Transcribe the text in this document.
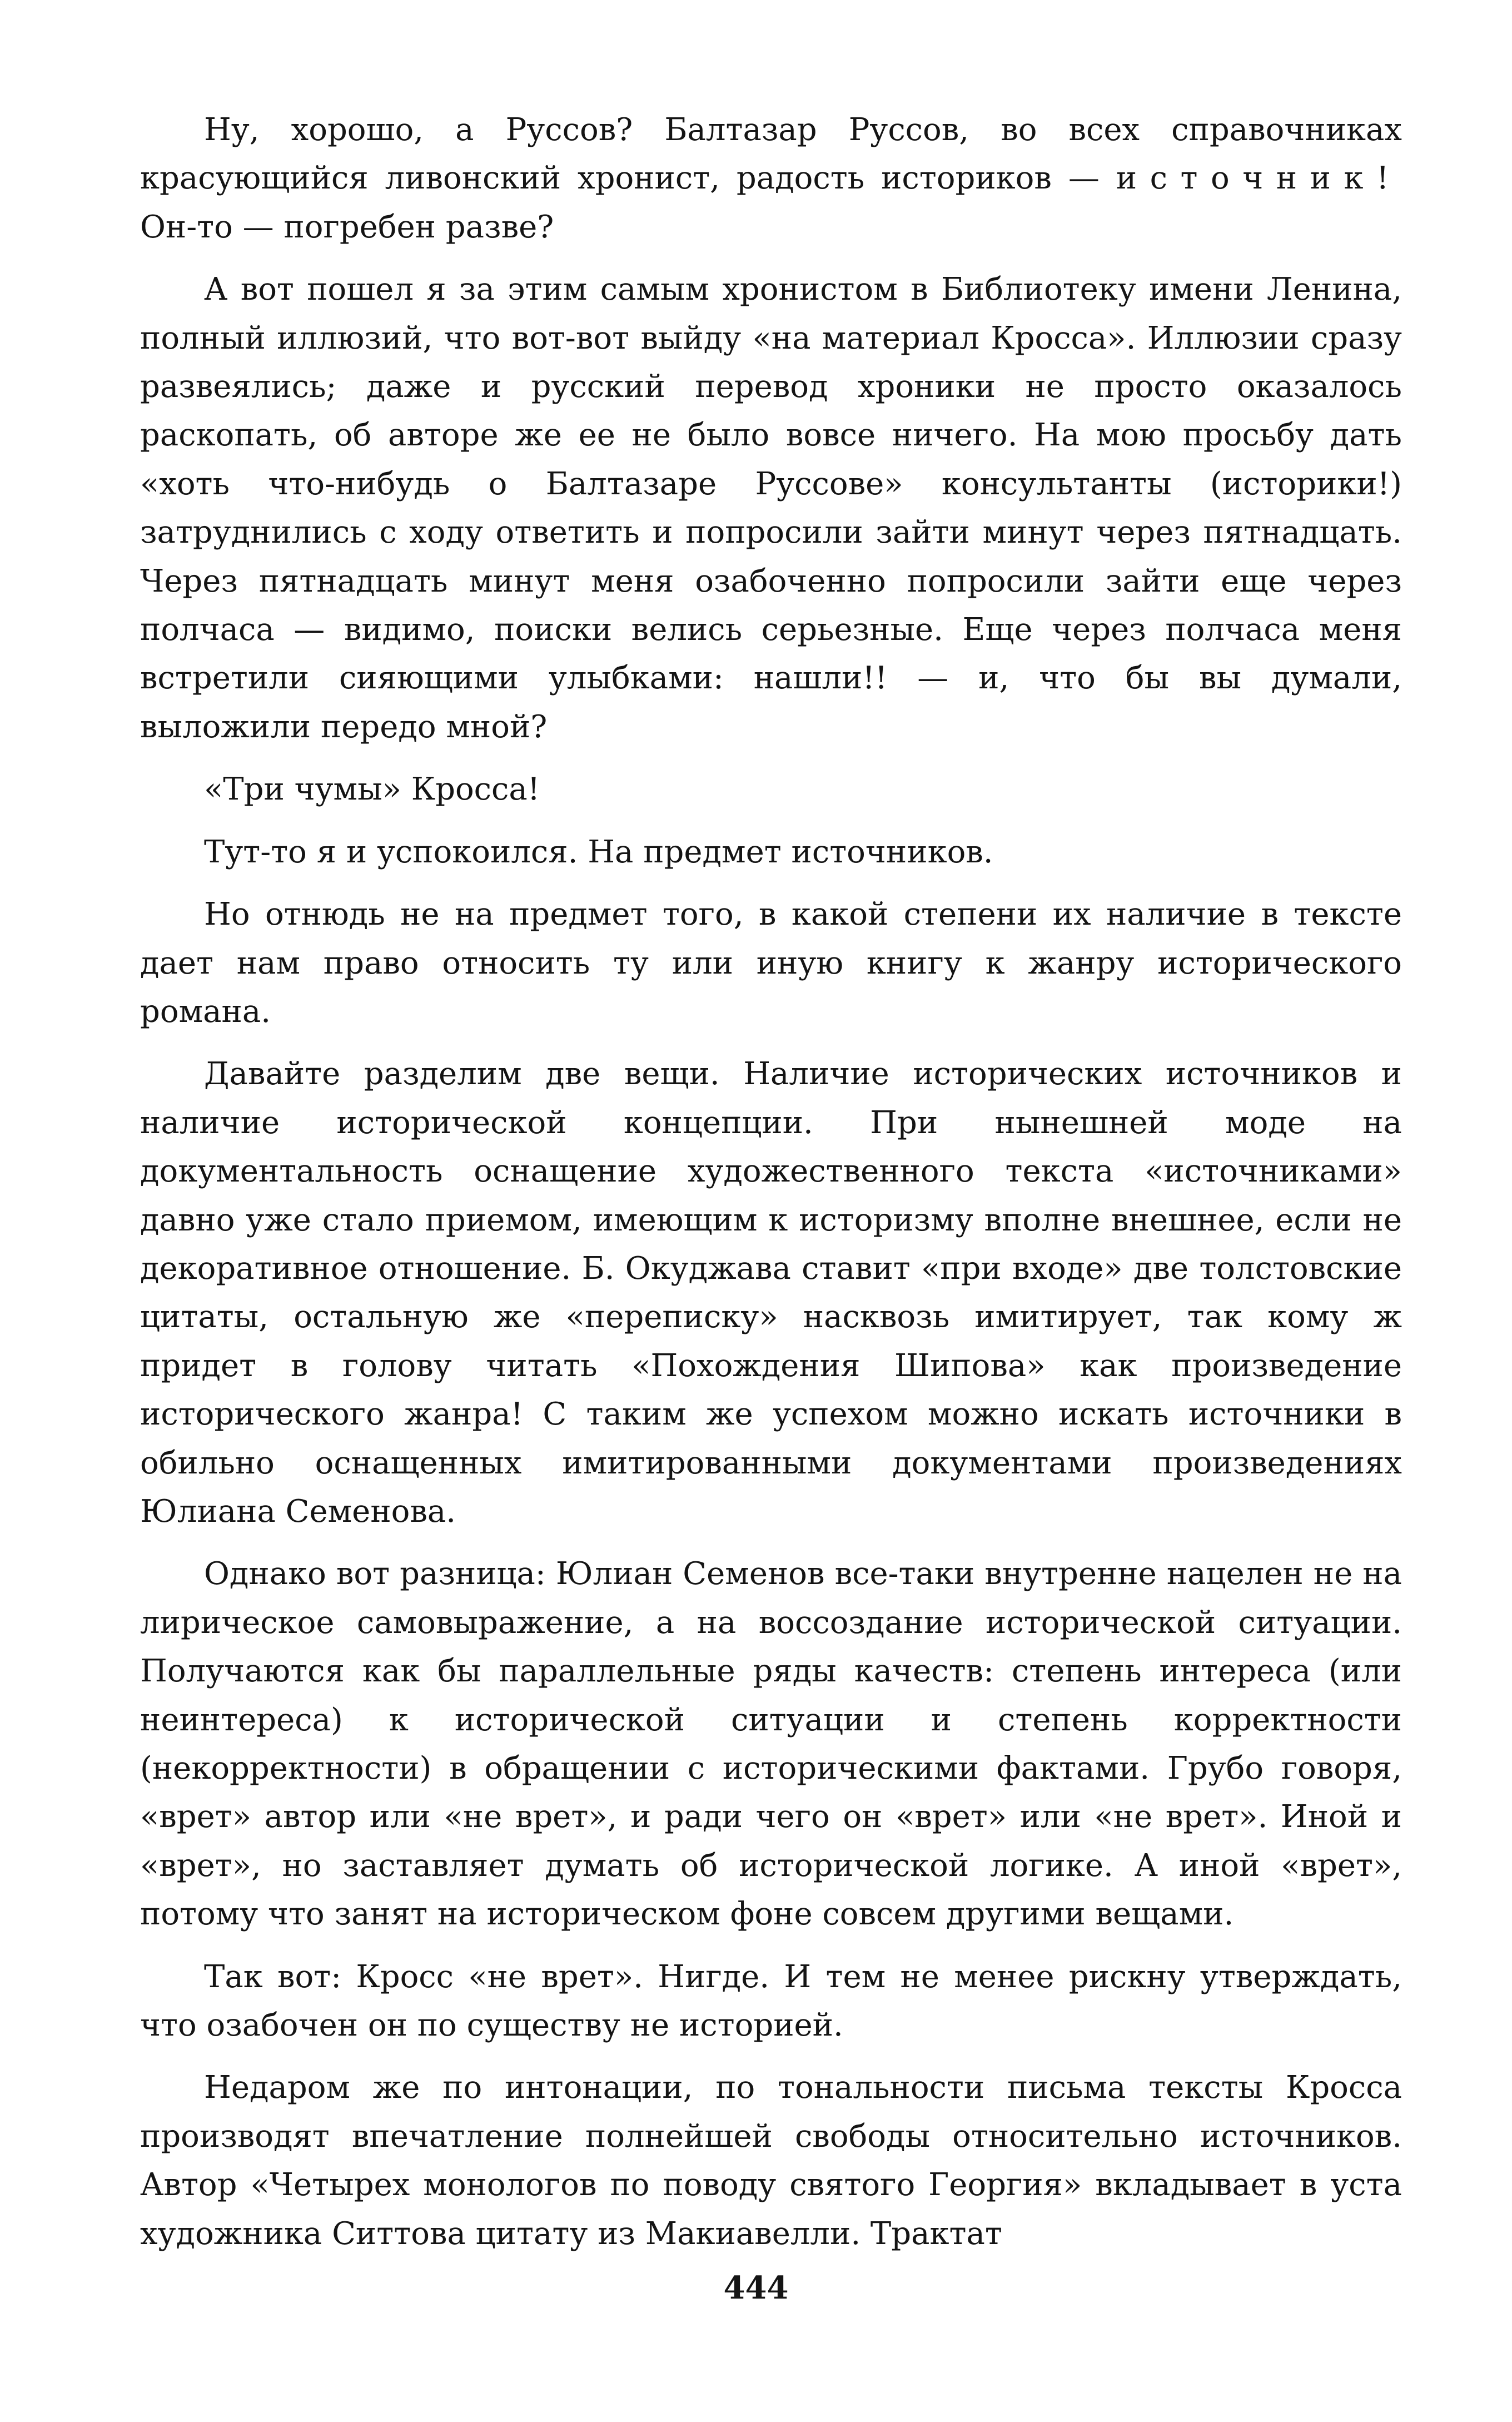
Ну, хорошо, а Руссов? Балтазар Руссов, во всех справочниках красующийся ливонский хронист, радость историков — источник! Он-то — погребен разве?

А вот пошел я за этим самым хронистом в Библиотеку имени Ленина, полный иллюзий, что вот-вот выйду «на материал Кросса». Иллюзии сразу развеялись; даже и русский перевод хроники не просто оказалось раскопать, об авторе же ее не было вовсе ничего. На мою просьбу дать «хоть что-нибудь о Балтазаре Руссове» консультанты (историки!) затруднились с ходу ответить и попросили зайти минут через пятнадцать. Через пятнадцать минут меня озабоченно попросили зайти еще через полчаса — видимо, поиски велись серьезные. Еще через полчаса меня встретили сияющими улыбками: нашли!! — и, что бы вы думали, выложили передо мной?

«Три чумы» Кросса!

Тут-то я и успокоился. На предмет источников.

Но отнюдь не на предмет того, в какой степени их наличие в тексте дает нам право относить ту или иную книгу к жанру исторического романа.

Давайте разделим две вещи. Наличие исторических источников и наличие исторической концепции. При нынешней моде на документальность оснащение художественного текста «источниками» давно уже стало приемом, имеющим к историзму вполне внешнее, если не декоративное отношение. Б. Окуджава ставит «при входе» две толстовские цитаты, остальную же «переписку» насквозь имитирует, так кому ж придет в голову читать «Похождения Шипова» как произведение исторического жанра! С таким же успехом можно искать источники в обильно оснащенных имитированными документами произведениях Юлиана Семенова.

Однако вот разница: Юлиан Семенов все-таки внутренне нацелен не на лирическое самовыражение, а на воссоздание исторической ситуации. Получаются как бы параллельные ряды качеств: степень интереса (или неинтереса) к исторической ситуации и степень корректности (некорректности) в обращении с историческими фактами. Грубо говоря, «врет» автор или «не врет», и ради чего он «врет» или «не врет». Иной и «врет», но заставляет думать об исторической логике. А иной «врет», потому что занят на историческом фоне совсем другими вещами.

Так вот: Кросс «не врет». Нигде. И тем не менее рискну утверждать, что озабочен он по существу не историей.

Недаром же по интонации, по тональности письма тексты Кросса производят впечатление полнейшей свободы относительно источников. Автор «Четырех монологов по поводу святого Георгия» вкладывает в уста художника Ситтова цитату из Макиавелли. Трактат

444
